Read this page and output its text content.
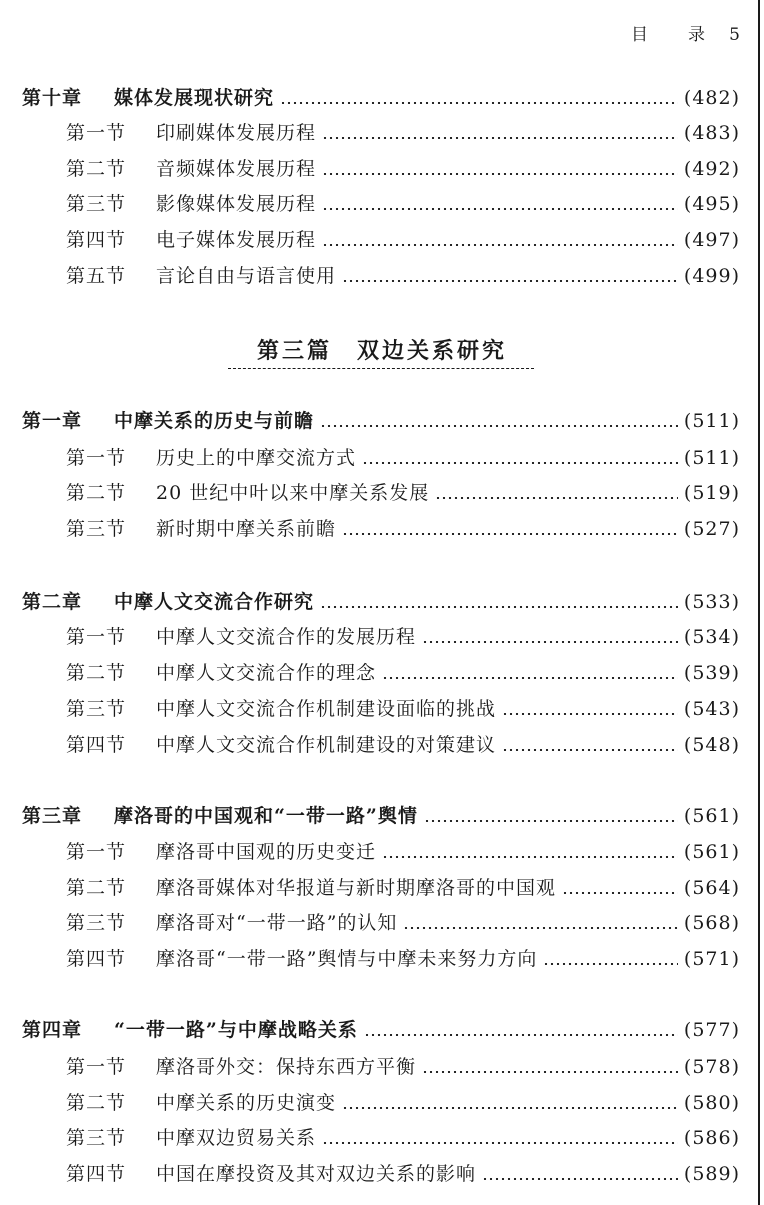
目 录 5
第十章	媒体发展现状研究	(482)
第一节	印刷媒体发展历程	(483)
第二节	音频媒体发展历程	(492)
第三节	影像媒体发展历程	(495)
第四节	电子媒体发展历程	(497)
第五节	言论自由与语言使用	(499)
第三篇　双边关系研究
第一章	中摩关系的历史与前瞻	(511)
第一节	历史上的中摩交流方式	(511)
第二节	20 世纪中叶以来中摩关系发展	(519)
第三节	新时期中摩关系前瞻	(527)
第二章	中摩人文交流合作研究	(533)
第一节	中摩人文交流合作的发展历程	(534)
第二节	中摩人文交流合作的理念	(539)
第三节	中摩人文交流合作机制建设面临的挑战	(543)
第四节	中摩人文交流合作机制建设的对策建议	(548)
第三章	摩洛哥的中国观和“一带一路”舆情	(561)
第一节	摩洛哥中国观的历史变迁	(561)
第二节	摩洛哥媒体对华报道与新时期摩洛哥的中国观	(564)
第三节	摩洛哥对“一带一路”的认知	(568)
第四节	摩洛哥“一带一路”舆情与中摩未来努力方向	(571)
第四章	“一带一路”与中摩战略关系	(577)
第一节	摩洛哥外交：保持东西方平衡	(578)
第二节	中摩关系的历史演变	(580)
第三节	中摩双边贸易关系	(586)
第四节	中国在摩投资及其对双边关系的影响	(589)
